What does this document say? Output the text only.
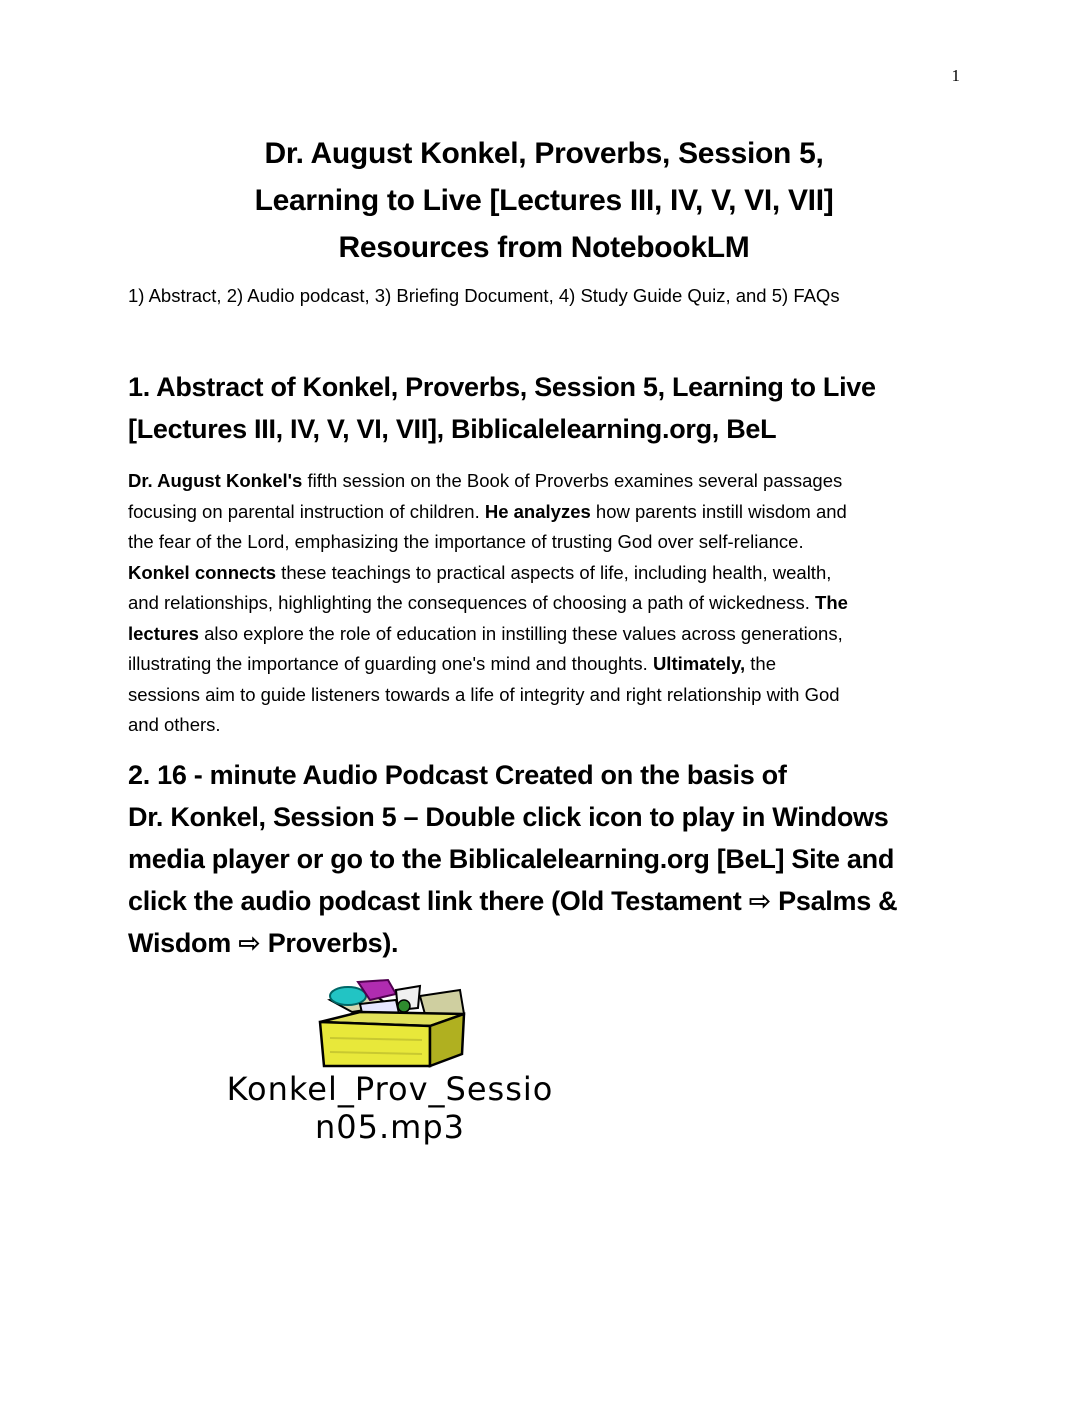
1
Dr. August Konkel, Proverbs, Session 5,
Learning to Live [Lectures III, IV, V, VI, VII]
Resources from NotebookLM
1) Abstract, 2) Audio podcast, 3) Briefing Document, 4) Study Guide Quiz, and 5) FAQs
1. Abstract of Konkel, Proverbs, Session 5, Learning to Live
[Lectures III, IV, V, VI, VII], Biblicalelearning.org, BeL
Dr. August Konkel's fifth session on the Book of Proverbs examines several passages
focusing on parental instruction of children. He analyzes how parents instill wisdom and
the fear of the Lord, emphasizing the importance of trusting God over self-reliance.
Konkel connects these teachings to practical aspects of life, including health, wealth,
and relationships, highlighting the consequences of choosing a path of wickedness. The
lectures also explore the role of education in instilling these values across generations,
illustrating the importance of guarding one's mind and thoughts. Ultimately, the
sessions aim to guide listeners towards a life of integrity and right relationship with God
and others.
2. 16 - minute Audio Podcast Created on the basis of
Dr. Konkel, Session 5 – Double click icon to play in Windows
media player or go to the Biblicalelearning.org [BeL] Site and
click the audio podcast link there (Old Testament ⇨ Psalms &
Wisdom ⇨ Proverbs).
Konkel_Prov_Sessio
n05.mp3
